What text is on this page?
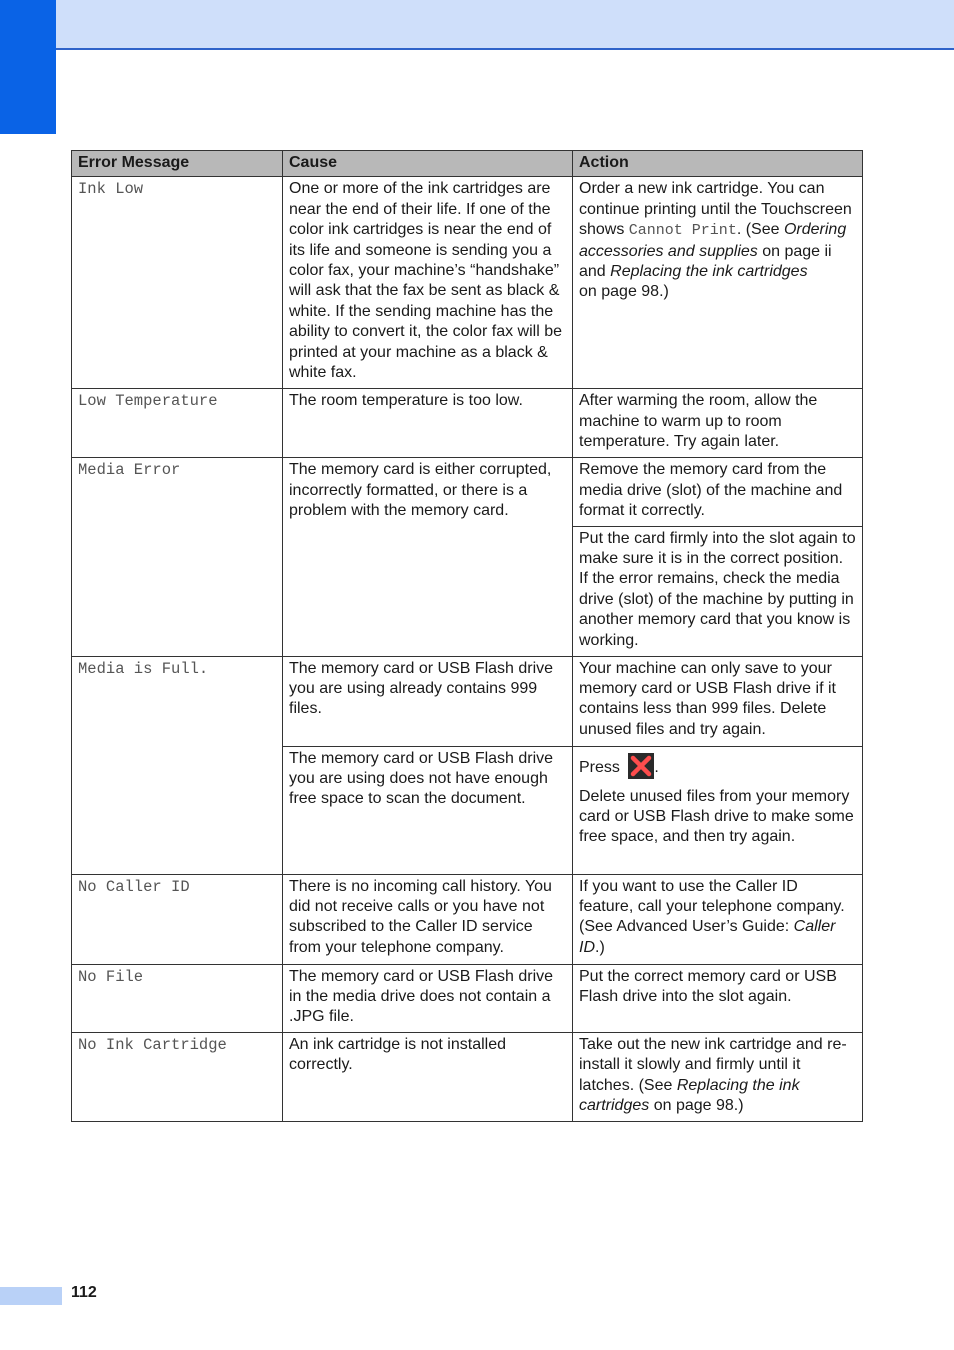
Error Message	Cause	Action
Ink Low	One or more of the ink cartridges are near the end of their life. If one of the color ink cartridges is near the end of its life and someone is sending you a color fax, your machine’s “handshake” will ask that the fax be sent as black & white. If the sending machine has the ability to convert it, the color fax will be printed at your machine as a black & white fax.	Order a new ink cartridge. You can continue printing until the Touchscreen shows Cannot Print. (See Ordering accessories and supplies on page ii and Replacing the ink cartridges
on page 98.)
Low Temperature	The room temperature is too low.	After warming the room, allow the machine to warm up to room temperature. Try again later.
Media Error	The memory card is either corrupted, incorrectly formatted, or there is a problem with the memory card.	Remove the memory card from the media drive (slot) of the machine and format it correctly.
		Put the card firmly into the slot again to make sure it is in the correct position. If the error remains, check the media drive (slot) of the machine by putting in another memory card that you know is working.
Media is Full.	The memory card or USB Flash drive you are using already contains 999 files.	Your machine can only save to your memory card or USB Flash drive if it contains less than 999 files. Delete unused files and try again.
	The memory card or USB Flash drive you are using does not have enough free space to scan the document.	Press .

Delete unused files from your memory card or USB Flash drive to make some free space, and then try again.

No Caller ID	There is no incoming call history. You did not receive calls or you have not subscribed to the Caller ID service from your telephone company.	If you want to use the Caller ID feature, call your telephone company. (See Advanced User’s Guide: Caller ID.)
No File	The memory card or USB Flash drive in the media drive does not contain a .JPG file.	Put the correct memory card or USB Flash drive into the slot again.
No Ink Cartridge	An ink cartridge is not installed correctly.	Take out the new ink cartridge and re-install it slowly and firmly until it latches. (See Replacing the ink cartridges on page 98.)
112
